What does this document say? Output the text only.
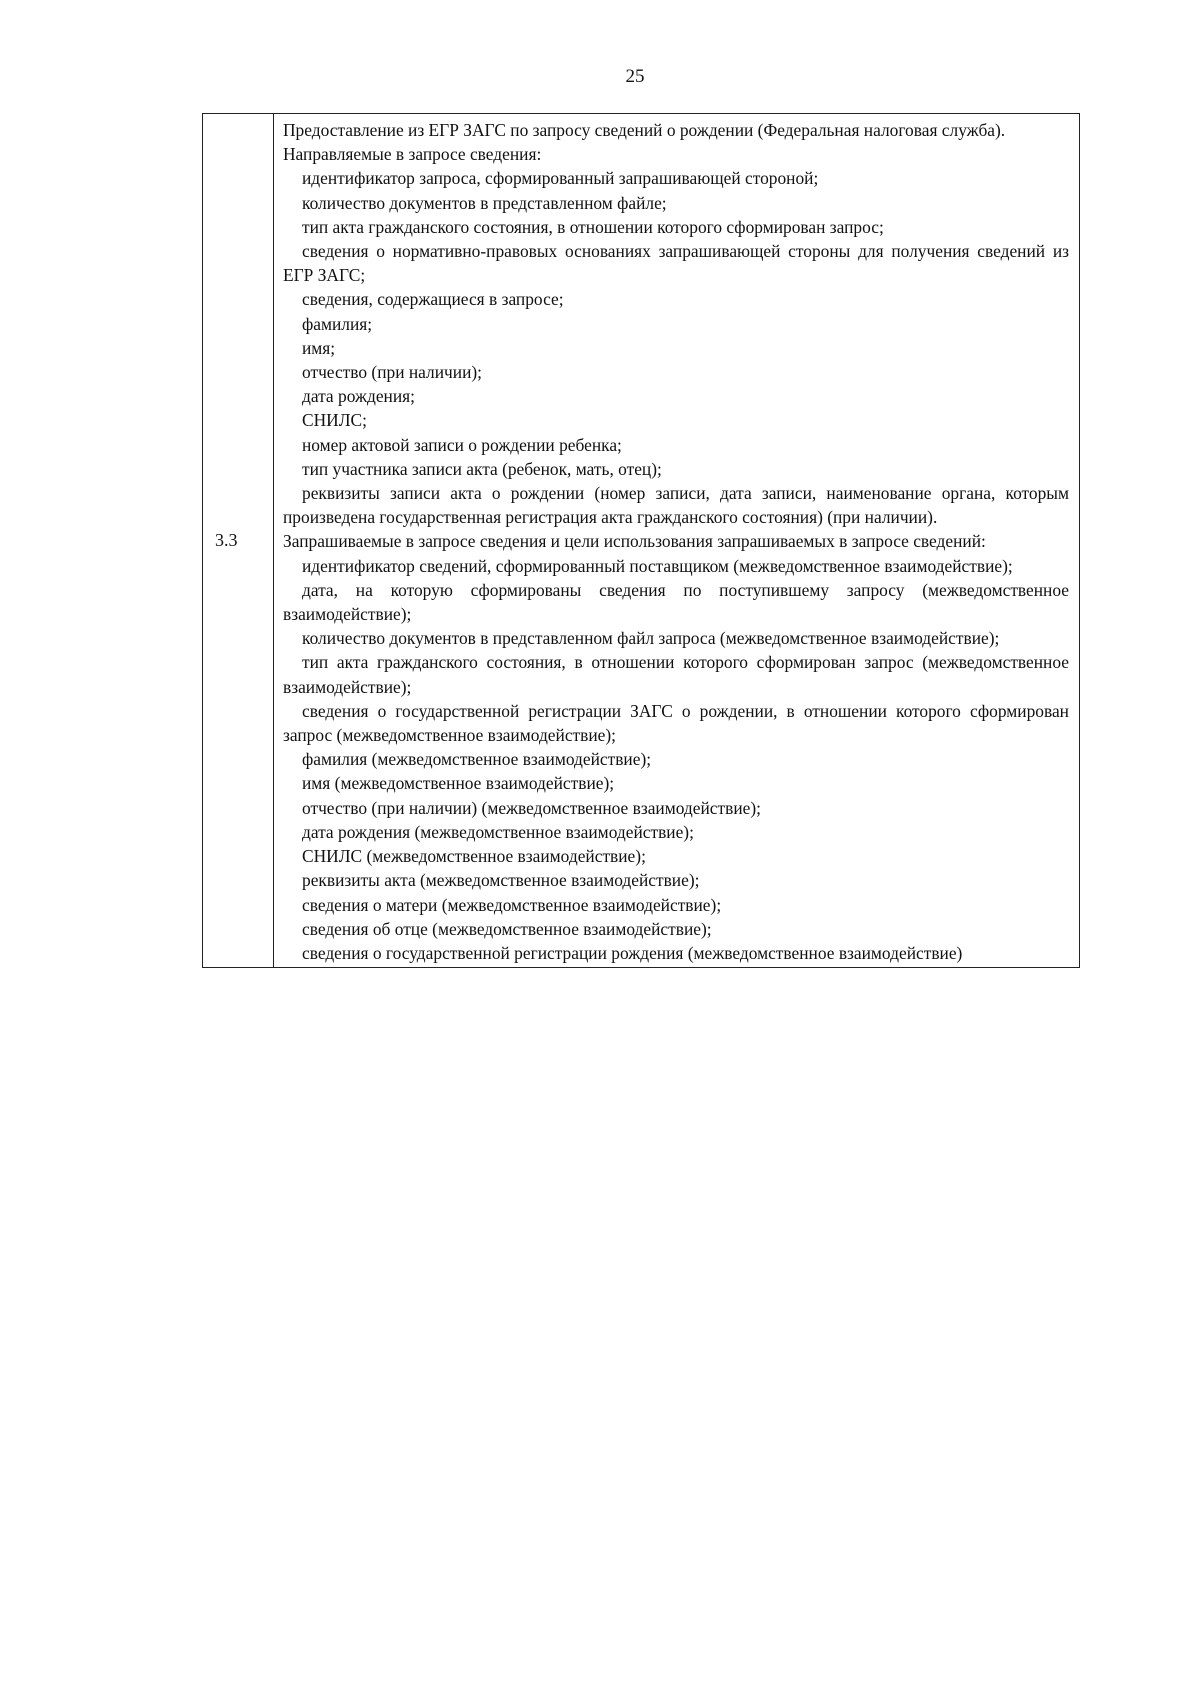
25
3.3	

Предоставление из ЕГР ЗАГС по запросу сведений о рождении (Федеральная налоговая служба).

Направляемые в запросе сведения:

идентификатор запроса, сформированный запрашивающей стороной;

количество документов в представленном файле;

тип акта гражданского состояния, в отношении которого сформирован запрос;

сведения о нормативно-правовых основаниях запрашивающей стороны для получения сведений из ЕГР ЗАГС;

сведения, содержащиеся в запросе;

фамилия;

имя;

отчество (при наличии);

дата рождения;

СНИЛС;

номер актовой записи о рождении ребенка;

тип участника записи акта (ребенок, мать, отец);

реквизиты записи акта о рождении (номер записи, дата записи, наименование органа, которым произведена государственная регистрация акта гражданского состояния) (при наличии).

Запрашиваемые в запросе сведения и цели использования запрашиваемых в запросе сведений:

идентификатор сведений, сформированный поставщиком (межведомственное взаимодействие);

дата, на которую сформированы сведения по поступившему запросу (межведомственное взаимодействие);

количество документов в представленном файл запроса (межведомственное взаимодействие);

тип акта гражданского состояния, в отношении которого сформирован запрос (межведомственное взаимодействие);

сведения о государственной регистрации ЗАГС о рождении, в отношении которого сформирован запрос (межведомственное взаимодействие);

фамилия (межведомственное взаимодействие);

имя (межведомственное взаимодействие);

отчество (при наличии) (межведомственное взаимодействие);

дата рождения (межведомственное взаимодействие);

СНИЛС (межведомственное взаимодействие);

реквизиты акта (межведомственное взаимодействие);

сведения о матери (межведомственное взаимодействие);

сведения об отце (межведомственное взаимодействие);

сведения о государственной регистрации рождения (межведомственное взаимодействие)
